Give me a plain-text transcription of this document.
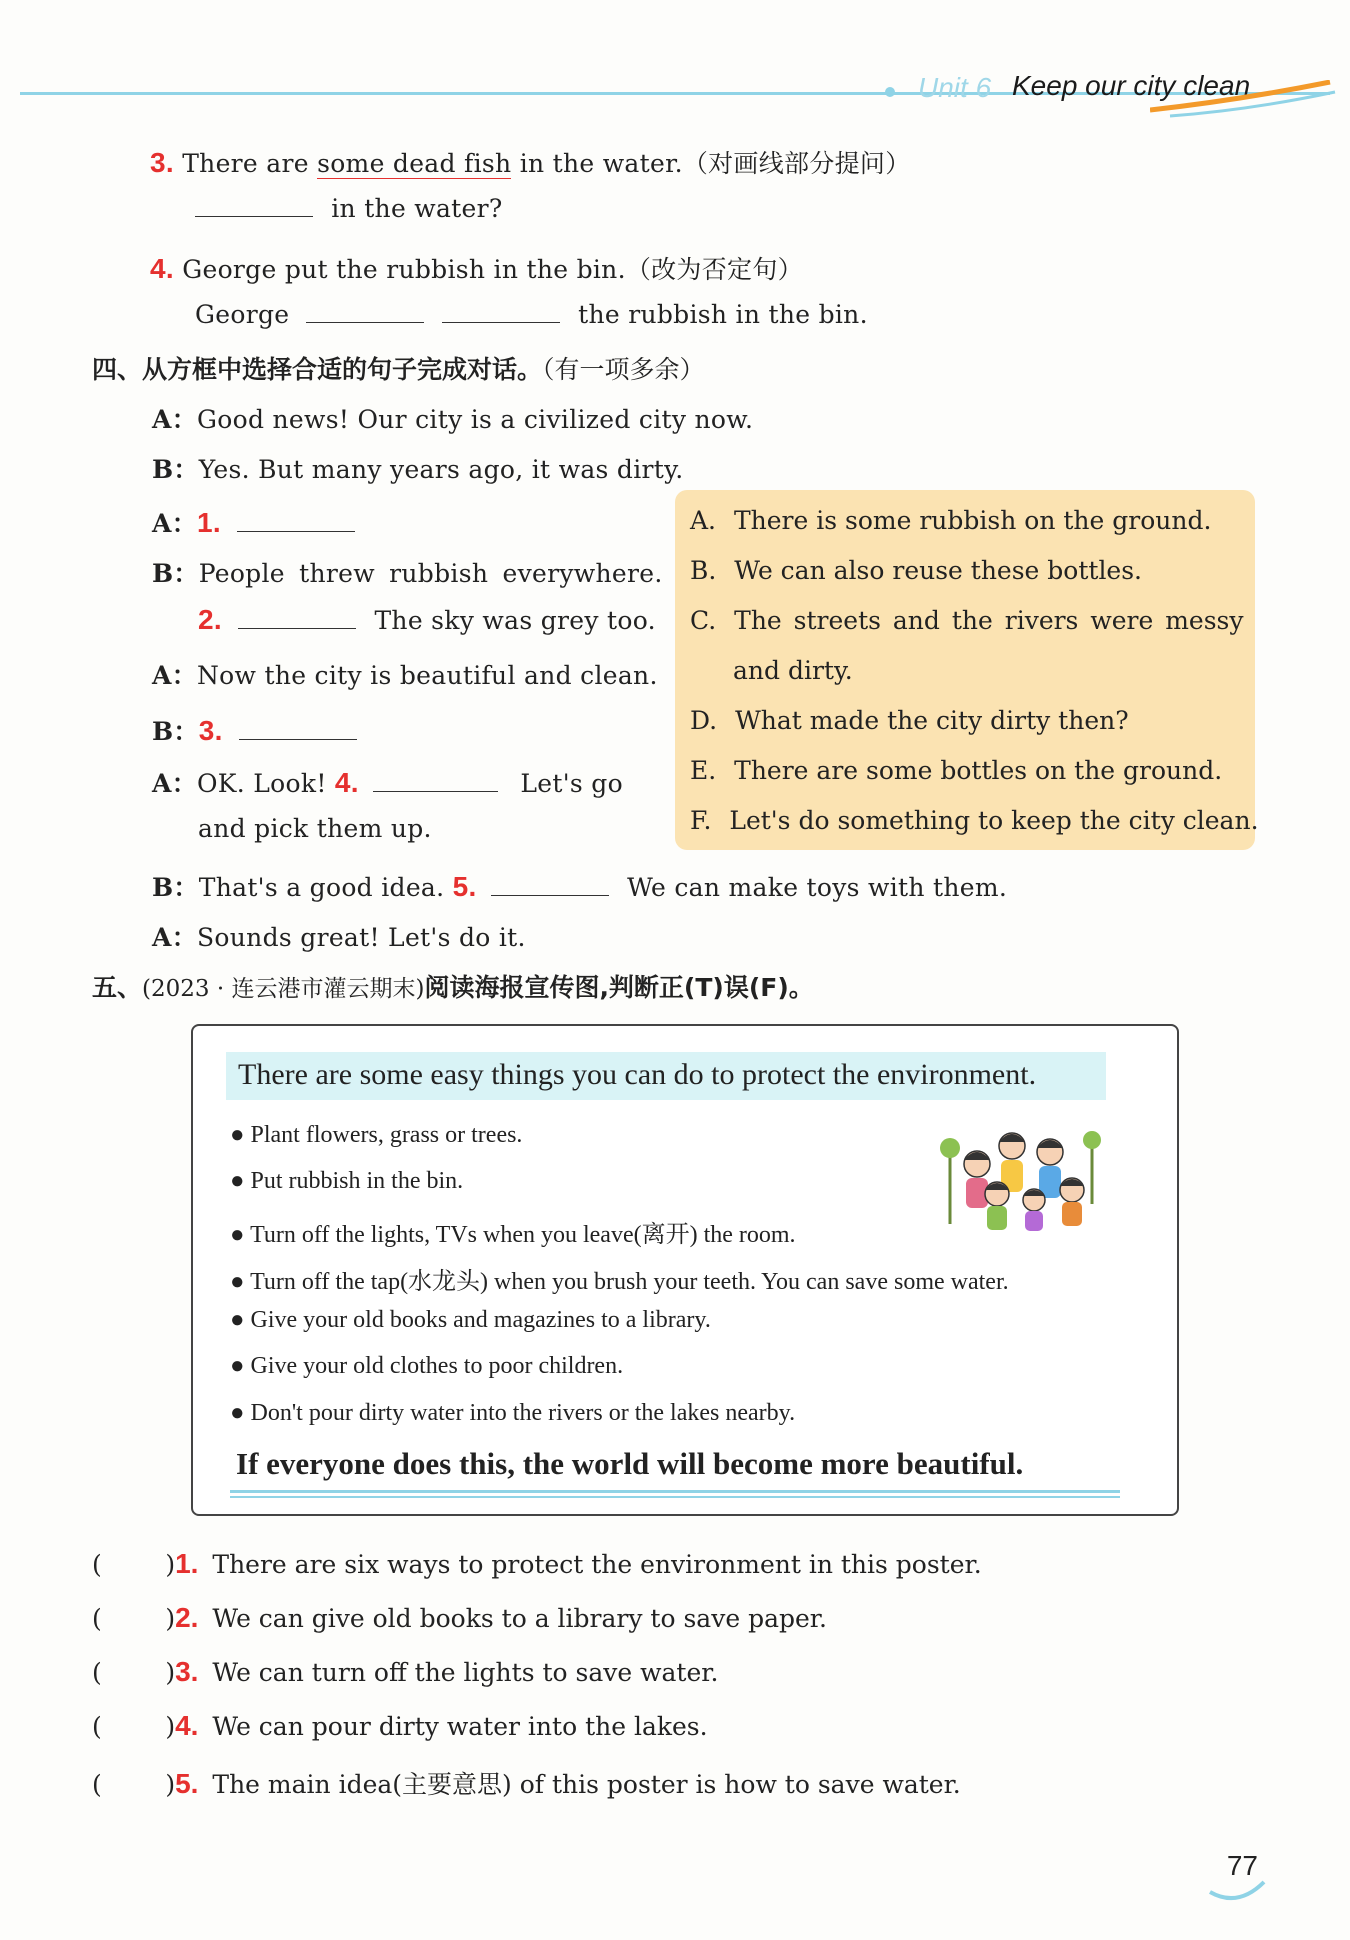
Unit 6 Keep our city clean
3. There are some dead fish in the water.（对画线部分提问）
in the water?
4. George put the rubbish in the bin.（改为否定句）
George	the rubbish in the bin.
四、从方框中选择合适的句子完成对话。（有一项多余）
A：Good news! Our city is a civilized city now.
B：Yes. But many years ago, it was dirty.
A：1.
B：People threw rubbish everywhere.
2.	The sky was grey too.
A：Now the city is beautiful and clean.
B：3.
A：OK. Look! 4.	Let's go
and pick them up.
B：That's a good idea. 5.	We can make toys with them.
A：Sounds great! Let's do it.
A. There is some rubbish on the ground.
B. We can also reuse these bottles.
C. The streets and the rivers were messy
and dirty.
D. What made the city dirty then?
E. There are some bottles on the ground.
F. Let's do something to keep the city clean.
五、(2023 · 连云港市灌云期末)阅读海报宣传图,判断正(T)误(F)。
There are some easy things you can do to protect the environment.
● Plant flowers, grass or trees.
● Put rubbish in the bin.
● Turn off the lights, TVs when you leave(离开) the room.
● Turn off the tap(水龙头) when you brush your teeth. You can save some water.
● Give your old books and magazines to a library.
● Give your old clothes to poor children.
● Don't pour dirty water into the rivers or the lakes nearby.
If everyone does this, the world will become more beautiful.
(        )1. There are six ways to protect the environment in this poster.
(        )2. We can give old books to a library to save paper.
(        )3. We can turn off the lights to save water.
(        )4. We can pour dirty water into the lakes.
(        )5. The main idea(主要意思) of this poster is how to save water.
77
